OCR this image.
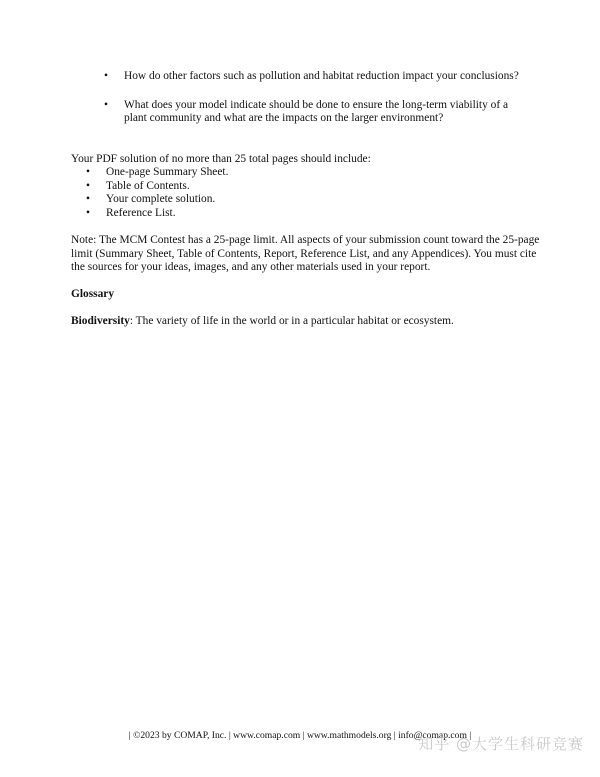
• How do other factors such as pollution and habitat reduction impact your conclusions?
• What does your model indicate should be done to ensure the long-term viability of a plant community and what are the impacts on the larger environment?

Your PDF solution of no more than 25 total pages should include:

• One-page Summary Sheet.
• Table of Contents.
• Your complete solution.
• Reference List.

Note: The MCM Contest has a 25-page limit. All aspects of your submission count toward the 25-page limit (Summary Sheet, Table of Contents, Report, Reference List, and any Appendices). You must cite the sources for your ideas, images, and any other materials used in your report.

Glossary

Biodiversity: The variety of life in the world or in a particular habitat or ecosystem.

| ©2023 by COMAP, Inc. | www.comap.com | www.mathmodels.org | info@comap.com |
知乎 @大学生科研竞赛
